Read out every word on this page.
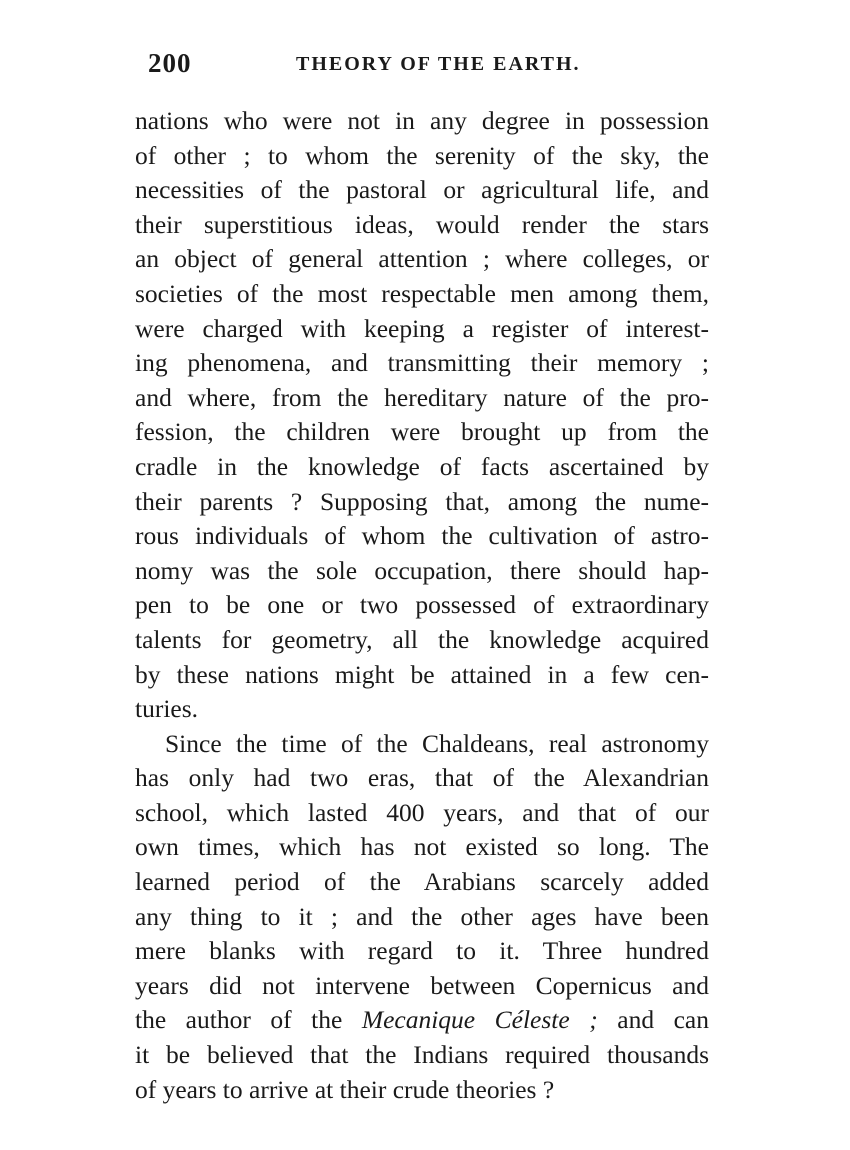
200	THEORY OF THE EARTH.
nations who were not in any degree in possession
of other ; to whom the serenity of the sky, the
necessities of the pastoral or agricultural life, and
their superstitious ideas, would render the stars
an object of general attention ; where colleges, or
societies of the most respectable men among them,
were charged with keeping a register of interest-
ing phenomena, and transmitting their memory ;
and where, from the hereditary nature of the pro-
fession, the children were brought up from the
cradle in the knowledge of facts ascertained by
their parents ? Supposing that, among the nume-
rous individuals of whom the cultivation of astro-
nomy was the sole occupation, there should hap-
pen to be one or two possessed of extraordinary
talents for geometry, all the knowledge acquired
by these nations might be attained in a few cen-
turies.
Since the time of the Chaldeans, real astronomy
has only had two eras, that of the Alexandrian
school, which lasted 400 years, and that of our
own times, which has not existed so long. The
learned period of the Arabians scarcely added
any thing to it ; and the other ages have been
mere blanks with regard to it. Three hundred
years did not intervene between Copernicus and
the author of the Mecanique Céleste ; and can
it be believed that the Indians required thousands
of years to arrive at their crude theories ?
